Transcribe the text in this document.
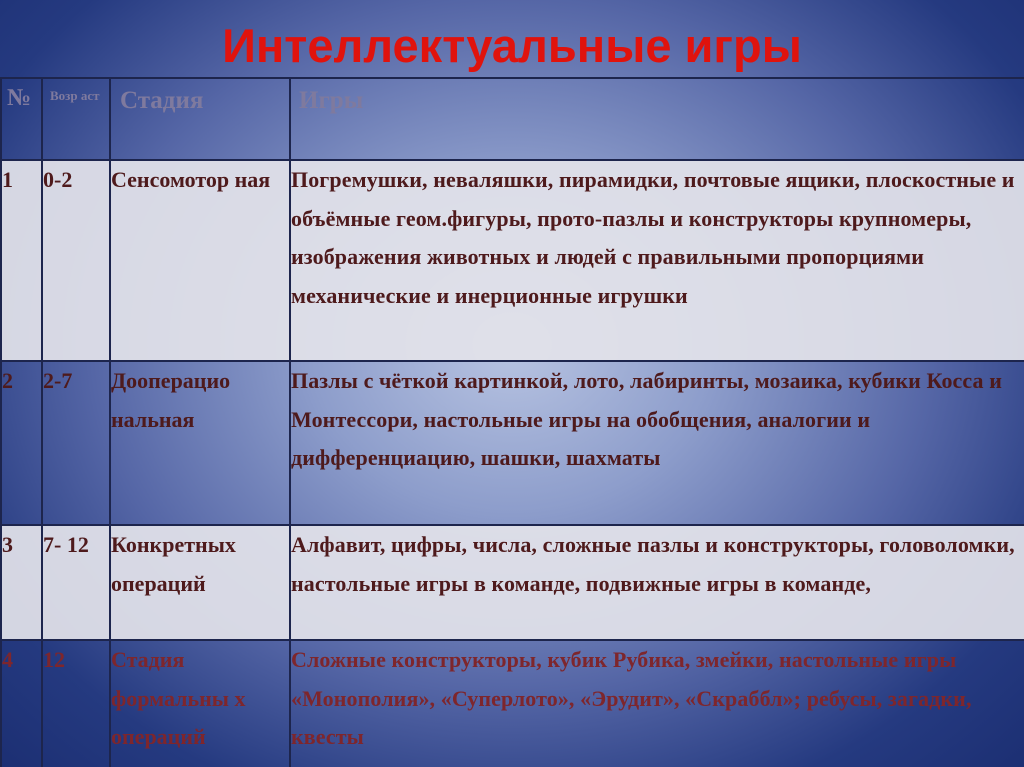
Интеллектуальные игры
№	Возр аст	Стадия	Игры
1	0-2	Сенсомотор ная	Погремушки, неваляшки, пирамидки, почтовые ящики, плоскостные и объёмные геом.фигуры, прото-пазлы и конструкторы крупномеры, изображения животных и людей с правильными пропорциями механические и инерционные игрушки
2	2-7	Дооперацио нальная	Пазлы с чёткой картинкой, лото, лабиринты, мозаика, кубики Косса и Монтессори, настольные игры на обобщения, аналогии и дифференциацию, шашки, шахматы
3	7- 12	Конкретных операций	Алфавит, цифры, числа, сложные пазлы и конструкторы, головоломки, настольные игры в команде, подвижные игры в команде,
4	12	Стадия формальны х операций	Сложные конструкторы, кубик Рубика, змейки, настольные игры «Монополия», «Суперлото», «Эрудит», «Скраббл»; ребусы, загадки, квесты
